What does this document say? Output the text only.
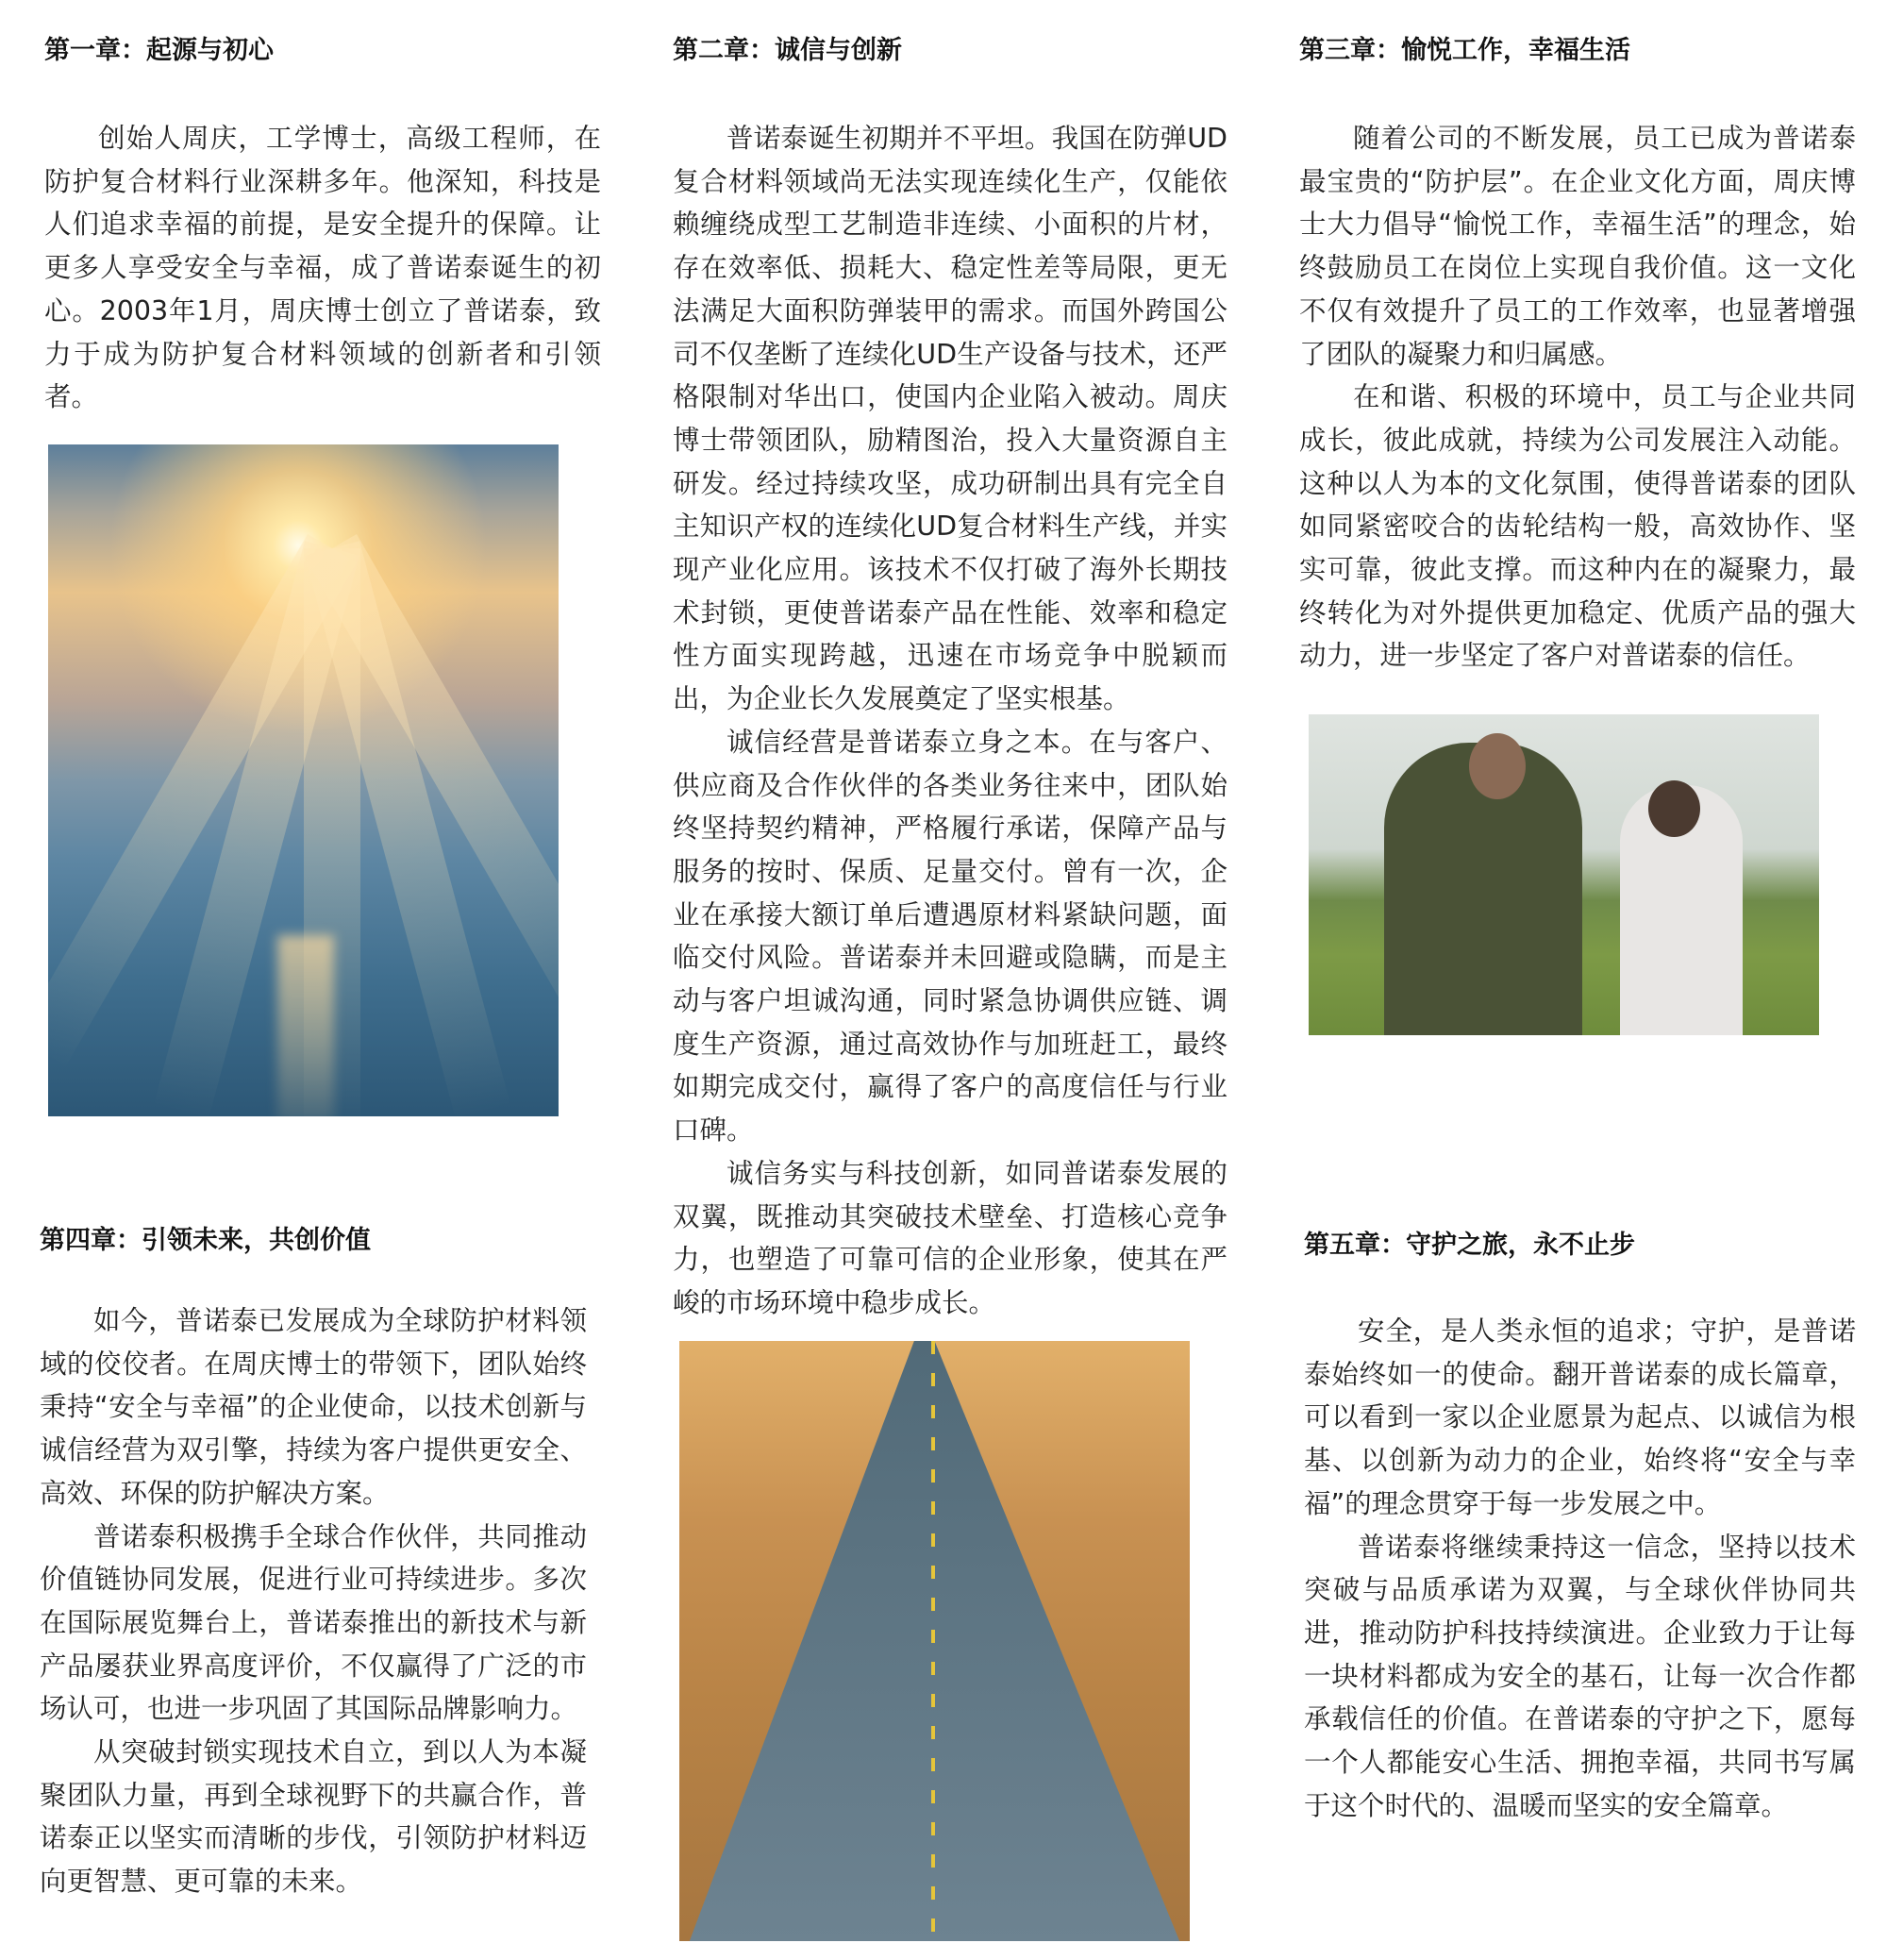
第一章：起源与初心

创始人周庆，工学博士，高级工程师，在防护复合材料行业深耕多年。他深知，科技是人们追求幸福的前提，是安全提升的保障。让更多人享受安全与幸福，成了普诺泰诞生的初心。2003年1月，周庆博士创立了普诺泰，致力于成为防护复合材料领域的创新者和引领者。

第二章：诚信与创新

普诺泰诞生初期并不平坦。我国在防弹UD复合材料领域尚无法实现连续化生产，仅能依赖缠绕成型工艺制造非连续、小面积的片材，存在效率低、损耗大、稳定性差等局限，更无法满足大面积防弹装甲的需求。而国外跨国公司不仅垄断了连续化UD生产设备与技术，还严格限制对华出口，使国内企业陷入被动。周庆博士带领团队，励精图治，投入大量资源自主研发。经过持续攻坚，成功研制出具有完全自主知识产权的连续化UD复合材料生产线，并实现产业化应用。该技术不仅打破了海外长期技术封锁，更使普诺泰产品在性能、效率和稳定性方面实现跨越，迅速在市场竞争中脱颖而出，为企业长久发展奠定了坚实根基。

诚信经营是普诺泰立身之本。在与客户、供应商及合作伙伴的各类业务往来中，团队始终坚持契约精神，严格履行承诺，保障产品与服务的按时、保质、足量交付。曾有一次，企业在承接大额订单后遭遇原材料紧缺问题，面临交付风险。普诺泰并未回避或隐瞒，而是主动与客户坦诚沟通，同时紧急协调供应链、调度生产资源，通过高效协作与加班赶工，最终如期完成交付，赢得了客户的高度信任与行业口碑。

诚信务实与科技创新，如同普诺泰发展的双翼，既推动其突破技术壁垒、打造核心竞争力，也塑造了可靠可信的企业形象，使其在严峻的市场环境中稳步成长。

第三章：愉悦工作，幸福生活

随着公司的不断发展，员工已成为普诺泰最宝贵的“防护层”。在企业文化方面，周庆博士大力倡导“愉悦工作，幸福生活”的理念，始终鼓励员工在岗位上实现自我价值。这一文化不仅有效提升了员工的工作效率，也显著增强了团队的凝聚力和归属感。

在和谐、积极的环境中，员工与企业共同成长，彼此成就，持续为公司发展注入动能。这种以人为本的文化氛围，使得普诺泰的团队如同紧密咬合的齿轮结构一般，高效协作、坚实可靠，彼此支撑。而这种内在的凝聚力，最终转化为对外提供更加稳定、优质产品的强大动力，进一步坚定了客户对普诺泰的信任。

第四章：引领未来，共创价值

如今，普诺泰已发展成为全球防护材料领域的佼佼者。在周庆博士的带领下，团队始终秉持“安全与幸福”的企业使命，以技术创新与诚信经营为双引擎，持续为客户提供更安全、高效、环保的防护解决方案。

普诺泰积极携手全球合作伙伴，共同推动价值链协同发展，促进行业可持续进步。多次在国际展览舞台上，普诺泰推出的新技术与新产品屡获业界高度评价，不仅赢得了广泛的市场认可，也进一步巩固了其国际品牌影响力。

从突破封锁实现技术自立，到以人为本凝聚团队力量，再到全球视野下的共赢合作，普诺泰正以坚实而清晰的步伐，引领防护材料迈向更智慧、更可靠的未来。

第五章：守护之旅，永不止步

安全，是人类永恒的追求；守护，是普诺泰始终如一的使命。翻开普诺泰的成长篇章，可以看到一家以企业愿景为起点、以诚信为根基、以创新为动力的企业，始终将“安全与幸福”的理念贯穿于每一步发展之中。

普诺泰将继续秉持这一信念，坚持以技术突破与品质承诺为双翼，与全球伙伴协同共进，推动防护科技持续演进。企业致力于让每一块材料都成为安全的基石，让每一次合作都承载信任的价值。在普诺泰的守护之下，愿每一个人都能安心生活、拥抱幸福，共同书写属于这个时代的、温暖而坚实的安全篇章。
